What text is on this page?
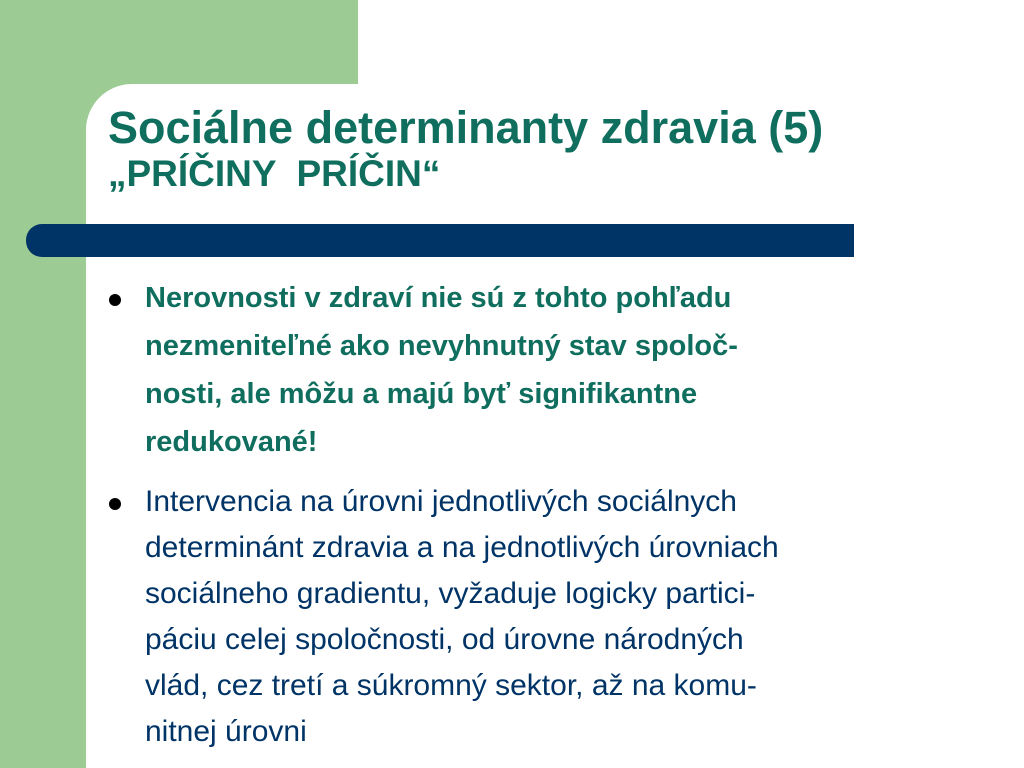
Sociálne determinanty zdravia (5)
„PRÍČINY  PRÍČIN“
Nerovnosti v zdraví nie sú z tohto pohľadu
nezmeniteľné ako nevyhnutný stav spoloč-
nosti, ale môžu a majú byť signifikantne
redukované!
Intervencia na úrovni jednotlivých sociálnych
determinánt zdravia a na jednotlivých úrovniach
sociálneho gradientu, vyžaduje logicky partici-
páciu celej spoločnosti, od úrovne národných
vlád, cez tretí a súkromný sektor, až na komu-
nitnej úrovni
